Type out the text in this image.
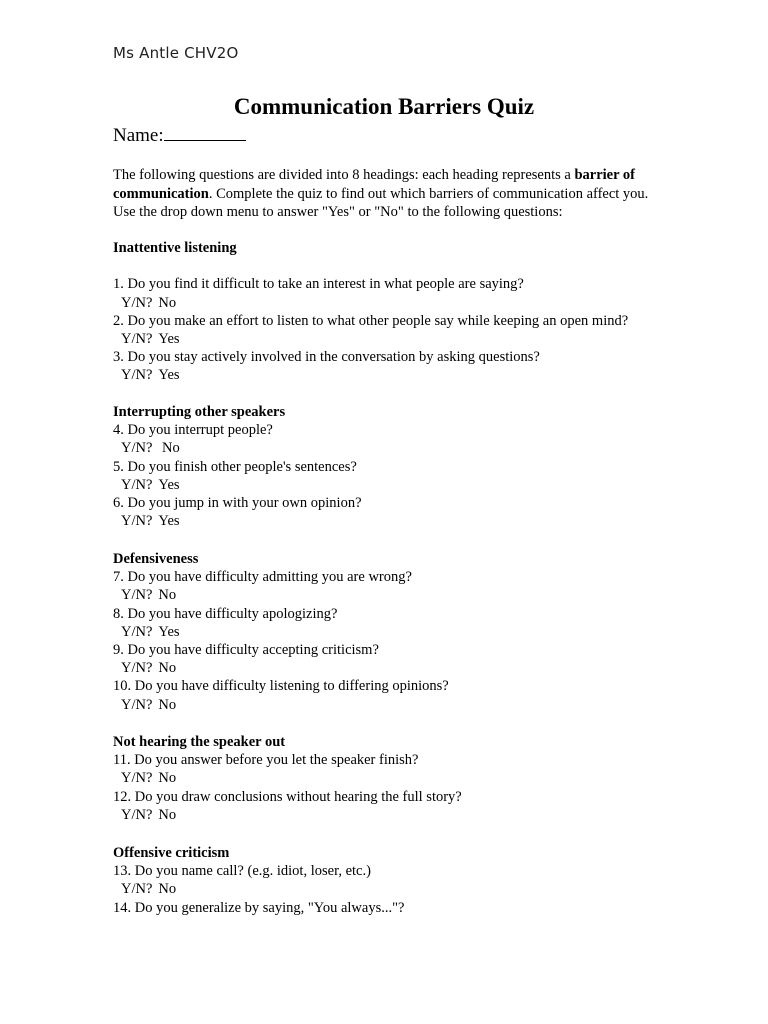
Ms Antle CHV2O
Communication Barriers Quiz
Name:
The following questions are divided into 8 headings: each heading represents a barrier of communication. Complete the quiz to find out which barriers of communication affect you. Use the drop down menu to answer "Yes" or "No" to the following questions:
Inattentive listening
1. Do you find it difficult to take an interest in what people are saying?
Y/N? No
2. Do you make an effort to listen to what other people say while keeping an open mind?
Y/N? Yes
3. Do you stay actively involved in the conversation by asking questions?
Y/N? Yes
Interrupting other speakers
4. Do you interrupt people?
Y/N? No
5. Do you finish other people's sentences?
Y/N? Yes
6. Do you jump in with your own opinion?
Y/N? Yes
Defensiveness
7. Do you have difficulty admitting you are wrong?
Y/N? No
8. Do you have difficulty apologizing?
Y/N? Yes
9. Do you have difficulty accepting criticism?
Y/N? No
10. Do you have difficulty listening to differing opinions?
Y/N? No
Not hearing the speaker out
11. Do you answer before you let the speaker finish?
Y/N? No
12. Do you draw conclusions without hearing the full story?
Y/N? No
Offensive criticism
13. Do you name call? (e.g. idiot, loser, etc.)
Y/N? No
14. Do you generalize by saying, "You always..."?
